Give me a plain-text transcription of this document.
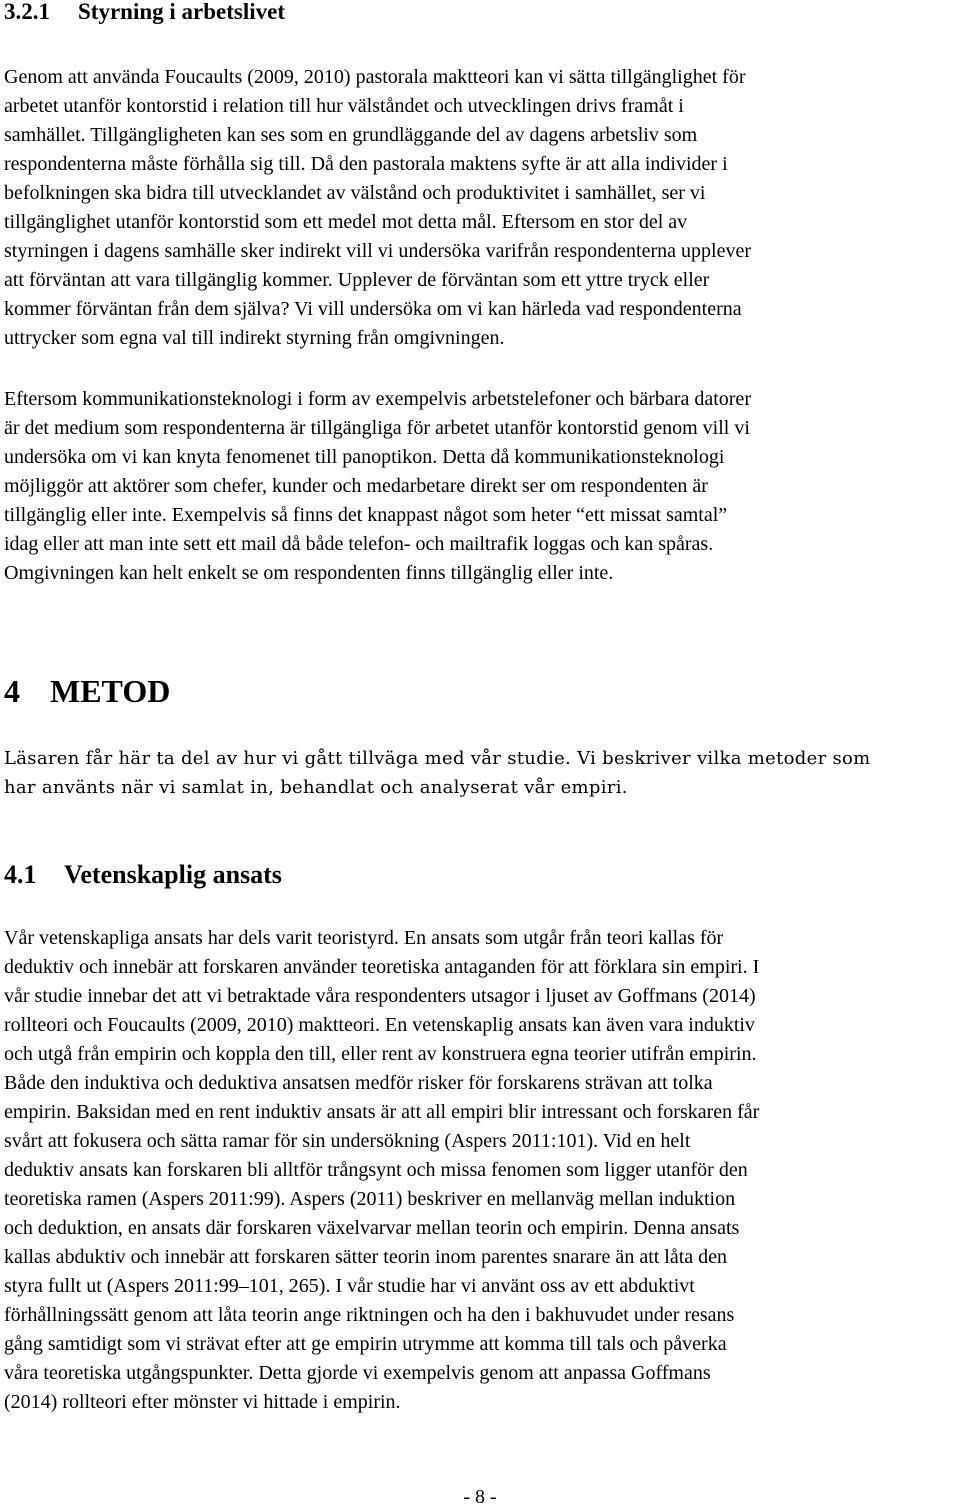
3.2.1 Styrning i arbetslivet
Genom att använda Foucaults (2009, 2010) pastorala maktteori kan vi sätta tillgänglighet för
arbetet utanför kontorstid i relation till hur välståndet och utvecklingen drivs framåt i
samhället. Tillgängligheten kan ses som en grundläggande del av dagens arbetsliv som
respondenterna måste förhålla sig till. Då den pastorala maktens syfte är att alla individer i
befolkningen ska bidra till utvecklandet av välstånd och produktivitet i samhället, ser vi
tillgänglighet utanför kontorstid som ett medel mot detta mål. Eftersom en stor del av
styrningen i dagens samhälle sker indirekt vill vi undersöka varifrån respondenterna upplever
att förväntan att vara tillgänglig kommer. Upplever de förväntan som ett yttre tryck eller
kommer förväntan från dem själva? Vi vill undersöka om vi kan härleda vad respondenterna
uttrycker som egna val till indirekt styrning från omgivningen.
Eftersom kommunikationsteknologi i form av exempelvis arbetstelefoner och bärbara datorer
är det medium som respondenterna är tillgängliga för arbetet utanför kontorstid genom vill vi
undersöka om vi kan knyta fenomenet till panoptikon. Detta då kommunikationsteknologi
möjliggör att aktörer som chefer, kunder och medarbetare direkt ser om respondenten är
tillgänglig eller inte. Exempelvis så finns det knappast något som heter “ett missat samtal”
idag eller att man inte sett ett mail då både telefon- och mailtrafik loggas och kan spåras.
Omgivningen kan helt enkelt se om respondenten finns tillgänglig eller inte.
4 METOD
Läsaren får här ta del av hur vi gått tillväga med vår studie. Vi beskriver vilka metoder som
har använts när vi samlat in, behandlat och analyserat vår empiri.
4.1 Vetenskaplig ansats
Vår vetenskapliga ansats har dels varit teoristyrd. En ansats som utgår från teori kallas för
deduktiv och innebär att forskaren använder teoretiska antaganden för att förklara sin empiri. I
vår studie innebar det att vi betraktade våra respondenters utsagor i ljuset av Goffmans (2014)
rollteori och Foucaults (2009, 2010) maktteori. En vetenskaplig ansats kan även vara induktiv
och utgå från empirin och koppla den till, eller rent av konstruera egna teorier utifrån empirin.
Både den induktiva och deduktiva ansatsen medför risker för forskarens strävan att tolka
empirin. Baksidan med en rent induktiv ansats är att all empiri blir intressant och forskaren får
svårt att fokusera och sätta ramar för sin undersökning (Aspers 2011:101). Vid en helt
deduktiv ansats kan forskaren bli alltför trångsynt och missa fenomen som ligger utanför den
teoretiska ramen (Aspers 2011:99). Aspers (2011) beskriver en mellanväg mellan induktion
och deduktion, en ansats där forskaren växelvarvar mellan teorin och empirin. Denna ansats
kallas abduktiv och innebär att forskaren sätter teorin inom parentes snarare än att låta den
styra fullt ut (Aspers 2011:99–101, 265). I vår studie har vi använt oss av ett abduktivt
förhållningssätt genom att låta teorin ange riktningen och ha den i bakhuvudet under resans
gång samtidigt som vi strävat efter att ge empirin utrymme att komma till tals och påverka
våra teoretiska utgångspunkter. Detta gjorde vi exempelvis genom att anpassa Goffmans
(2014) rollteori efter mönster vi hittade i empirin.
- 8 -
